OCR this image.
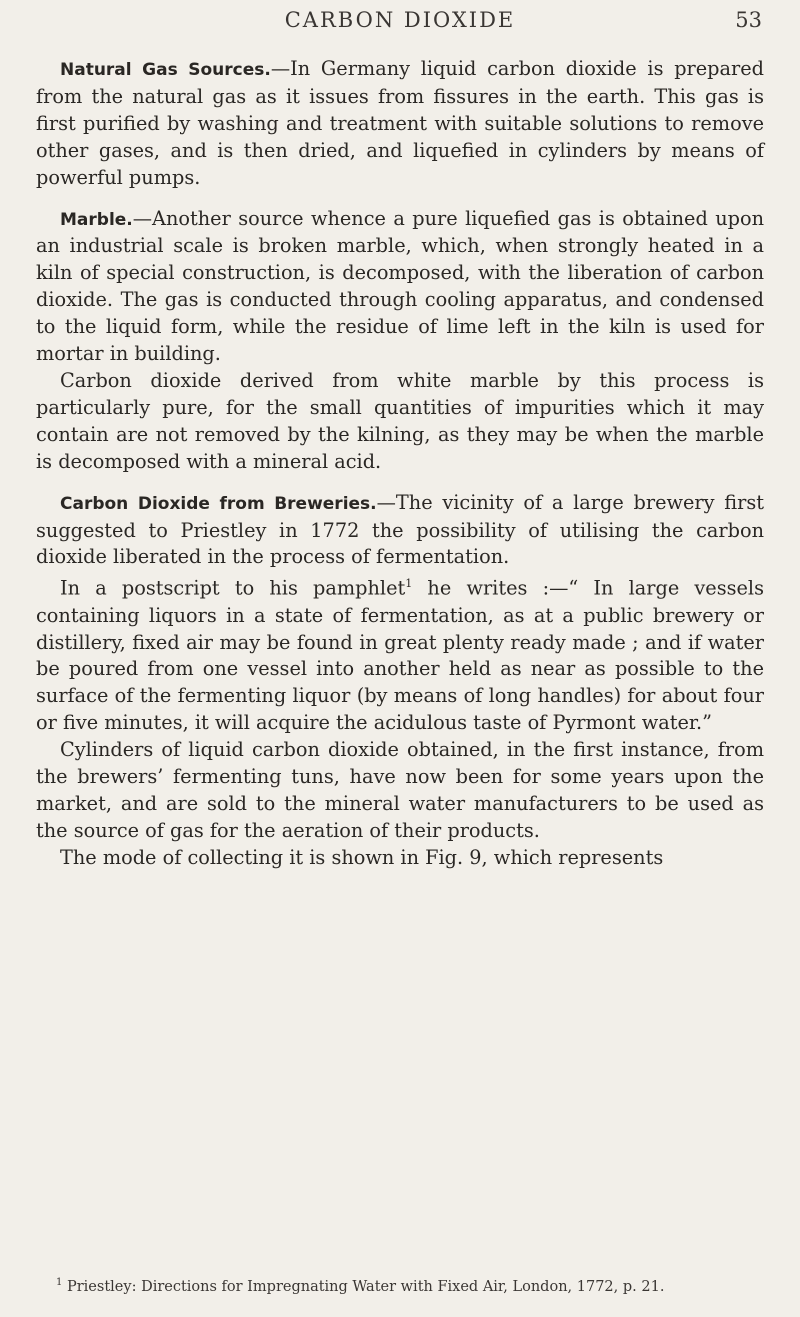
CARBON DIOXIDE	53

Natural Gas Sources.—In Germany liquid carbon dioxide is prepared from the natural gas as it issues from fissures in the earth. This gas is first purified by washing and treatment with suitable solutions to remove other gases, and is then dried, and liquefied in cylinders by means of powerful pumps.

Marble.—Another source whence a pure liquefied gas is obtained upon an industrial scale is broken marble, which, when strongly heated in a kiln of special construction, is decomposed, with the liberation of carbon dioxide. The gas is conducted through cooling apparatus, and condensed to the liquid form, while the residue of lime left in the kiln is used for mortar in building.

Carbon dioxide derived from white marble by this process is particularly pure, for the small quantities of impurities which it may contain are not removed by the kilning, as they may be when the marble is decomposed with a mineral acid.

Carbon Dioxide from Breweries.—The vicinity of a large brewery first suggested to Priestley in 1772 the possibility of utilising the carbon dioxide liberated in the process of fermentation.

In a postscript to his pamphlet$^1$ he writes :—“ In large vessels containing liquors in a state of fermentation, as at a public brewery or distillery, fixed air may be found in great plenty ready made ; and if water be poured from one vessel into another held as near as possible to the surface of the fermenting liquor (by means of long handles) for about four or five minutes, it will acquire the acidulous taste of Pyrmont water.”

Cylinders of liquid carbon dioxide obtained, in the first instance, from the brewers’ fermenting tuns, have now been for some years upon the market, and are sold to the mineral water manufacturers to be used as the source of gas for the aeration of their products.

The mode of collecting it is shown in Fig. 9, which represents

$^1$ Priestley: Directions for Impregnating Water with Fixed Air, London, 1772, p. 21.
